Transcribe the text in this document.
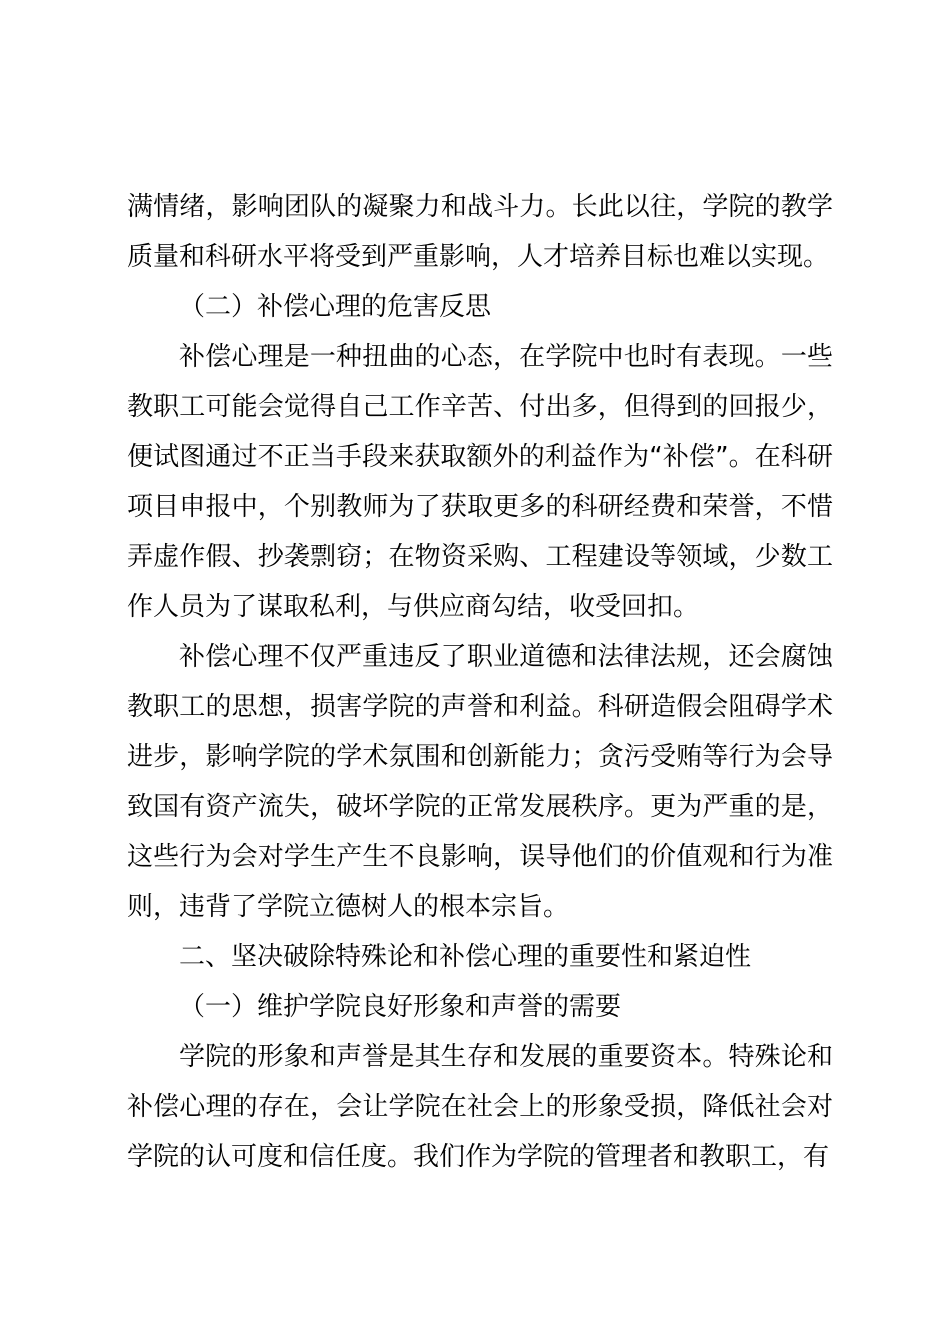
满情绪，影响团队的凝聚力和战斗力。长此以往，学院的教学质量和科研水平将受到严重影响，人才培养目标也难以实现。

（二）补偿心理的危害反思

补偿心理是一种扭曲的心态，在学院中也时有表现。一些教职工可能会觉得自己工作辛苦、付出多，但得到的回报少，便试图通过不正当手段来获取额外的利益作为“补偿”。在科研项目申报中，个别教师为了获取更多的科研经费和荣誉，不惜弄虚作假、抄袭剽窃；在物资采购、工程建设等领域，少数工作人员为了谋取私利，与供应商勾结，收受回扣。

补偿心理不仅严重违反了职业道德和法律法规，还会腐蚀教职工的思想，损害学院的声誉和利益。科研造假会阻碍学术进步，影响学院的学术氛围和创新能力；贪污受贿等行为会导致国有资产流失，破坏学院的正常发展秩序。更为严重的是，这些行为会对学生产生不良影响，误导他们的价值观和行为准则，违背了学院立德树人的根本宗旨。

二、坚决破除特殊论和补偿心理的重要性和紧迫性

（一）维护学院良好形象和声誉的需要

学院的形象和声誉是其生存和发展的重要资本。特殊论和补偿心理的存在，会让学院在社会上的形象受损，降低社会对学院的认可度和信任度。我们作为学院的管理者和教职工，有
